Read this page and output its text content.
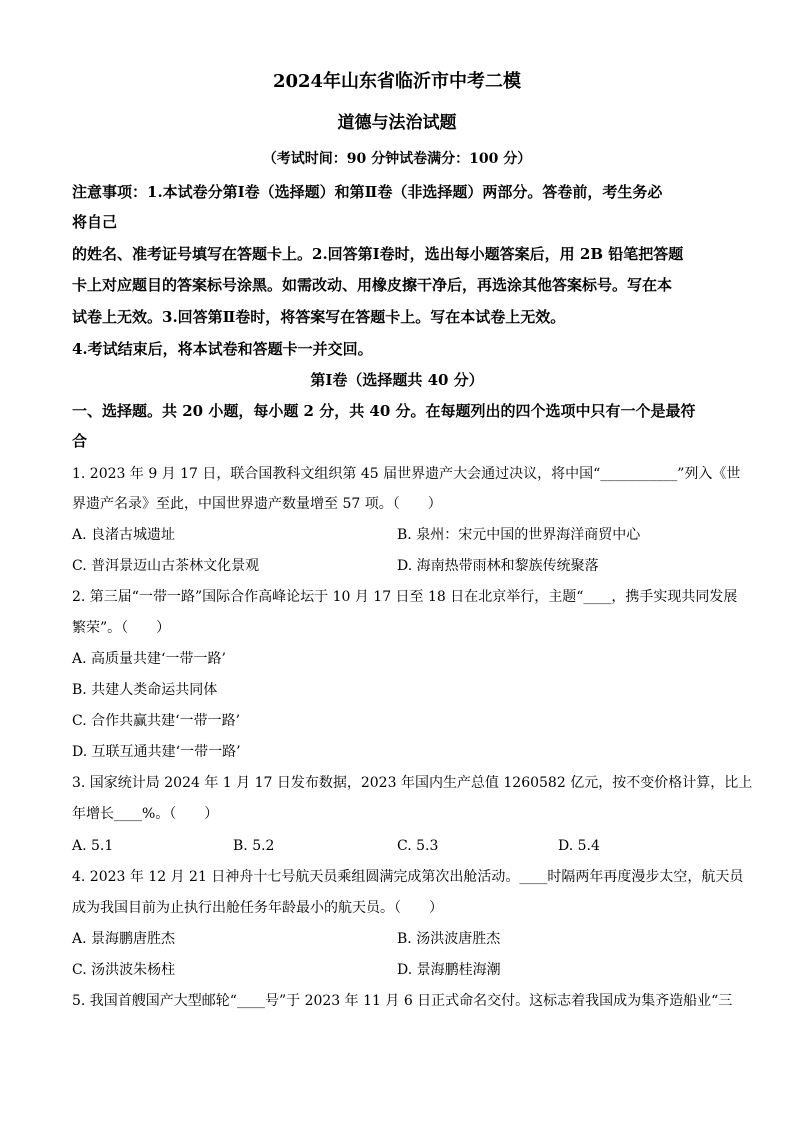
2024年山东省临沂市中考二模
道德与法治试题
（考试时间：90 分钟试卷满分：100 分）
注意事项：1.本试卷分第Ⅰ卷（选择题）和第Ⅱ卷（非选择题）两部分。答卷前，考生务必
将自己
的姓名、准考证号填写在答题卡上。2.回答第Ⅰ卷时，选出每小题答案后，用 2B 铅笔把答题
卡上对应题目的答案标号涂黑。如需改动、用橡皮擦干净后，再选涂其他答案标号。写在本
试卷上无效。3.回答第Ⅱ卷时，将答案写在答题卡上。写在本试卷上无效。
4.考试结束后，将本试卷和答题卡一并交回。
第Ⅰ卷（选择题共 40 分）
一、选择题。共 20 小题，每小题 2 分，共 40 分。在每题列出的四个选项中只有一个是最符
合
1. 2023 年 9 月 17 日，联合国教科文组织第 45 届世界遗产大会通过决议，将中国“___________”列入《世
界遗产名录》至此，中国世界遗产数量增至 57 项。（　　）
A. 良渚古城遗址	B. 泉州：宋元中国的世界海洋商贸中心
C. 普洱景迈山古茶林文化景观	D. 海南热带雨林和黎族传统聚落
2. 第三届“一带一路”国际合作高峰论坛于 10 月 17 日至 18 日在北京举行，主题“____，携手实现共同发展
繁荣”。（　　）
A. 高质量共建‘一带一路’
B. 共建人类命运共同体
C. 合作共赢共建‘一带一路’
D. 互联互通共建‘一带一路’
3. 国家统计局 2024 年 1 月 17 日发布数据，2023 年国内生产总值 1260582 亿元，按不变价格计算，比上
年增长____%。（　　）
A. 5.1	B. 5.2	C. 5.3	D. 5.4
4. 2023 年 12 月 21 日神舟十七号航天员乘组圆满完成第次出舱活动。____时隔两年再度漫步太空，航天员
成为我国目前为止执行出舱任务年龄最小的航天员。（　　）
A. 景海鹏唐胜杰	B. 汤洪波唐胜杰
C. 汤洪波朱杨柱	D. 景海鹏桂海潮
5. 我国首艘国产大型邮轮“____号”于 2023 年 11 月 6 日正式命名交付。这标志着我国成为集齐造船业“三
